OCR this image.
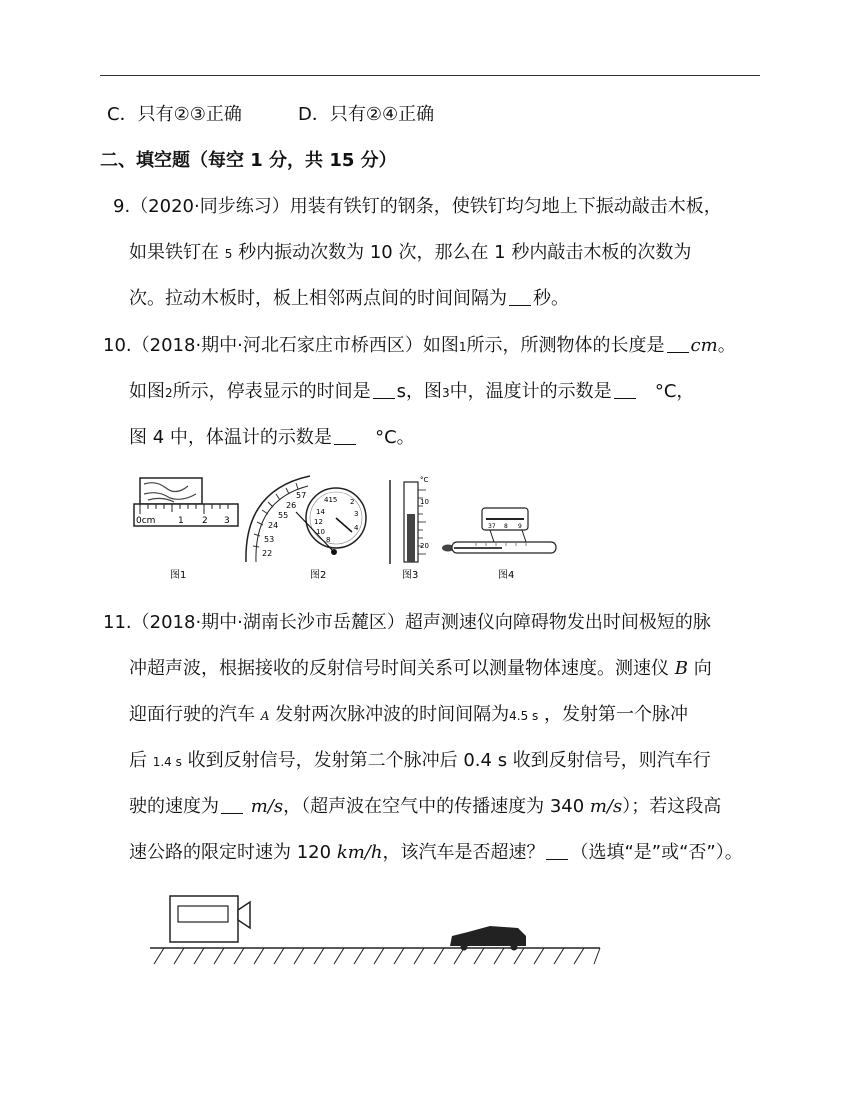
C．只有②③正确	D．只有②④正确
二、填空题（每空 1 分，共 15 分）
9.（2020·同步练习）用装有铁钉的钢条，使铁钉均匀地上下振动敲击木板，
如果铁钉在 5 秒内振动次数为 10 次，那么在 1 秒内敲击木板的次数为
次。拉动木板时，板上相邻两点间的时间间隔为 秒。
10.（2018·期中·河北石家庄市桥西区）如图1所示，所测物体的长度是 cm。
如图2所示，停表显示的时间是 s，图3中，温度计的示数是 °C，
图 4 中，体温计的示数是 °C。
0cm	1 2 3
图1
57
26
55
24
53
22
415 2
3
14
12
10
8
4
图2
°C
10
20
图3
37 8 9
图4
11.（2018·期中·湖南长沙市岳麓区）超声测速仪向障碍物发出时间极短的脉
冲超声波，根据接收的反射信号时间关系可以测量物体速度。测速仪 B 向
迎面行驶的汽车 A 发射两次脉冲波的时间间隔为4.5 s ，发射第一个脉冲
后 1.4 s 收到反射信号，发射第二个脉冲后 0.4 s 收到反射信号，则汽车行
驶的速度为 m/s，（超声波在空气中的传播速度为 340 m/s）；若这段高
速公路的限定时速为 120 km/h，该汽车是否超速？ （选填“是”或“否”）。
